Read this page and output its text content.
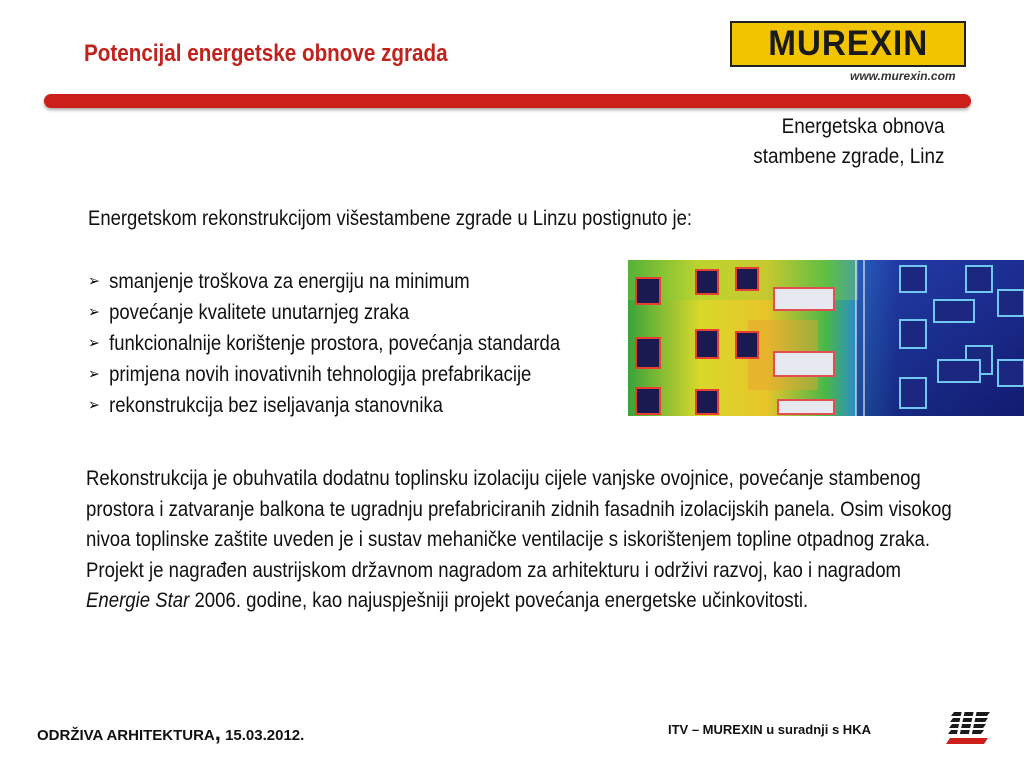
Potencijal energetske obnove zgrada	MUREXIN
www.murexin.com
Energetska obnova
stambene zgrade, Linz
Energetskom rekonstrukcijom višestambene zgrade u Linzu postignuto je:
➢ smanjenje troškova za energiju na minimum
➢ povećanje kvalitete unutarnjeg zraka
➢ funkcionalnije korištenje prostora, povećanja standarda
➢ primjena novih inovativnih tehnologija prefabrikacije
➢ rekonstrukcija bez iseljavanja stanovnika

Rekonstrukcija je obuhvatila dodatnu toplinsku izolaciju cijele vanjske ovojnice, povećanje stambenog prostora i zatvaranje balkona te ugradnju prefabriciranih zidnih fasadnih izolacijskih panela. Osim visokog nivoa toplinske zaštite uveden je i sustav mehaničke ventilacije s iskorištenjem topline otpadnog zraka. Projekt je nagrađen austrijskom državnom nagradom za arhitekturu i održivi razvoj, kao i nagradom Energie Star 2006. godine, kao najuspješniji projekt povećanja energetske učinkovitosti.

ODRŽIVA ARHITEKTURA, 15.03.2012.	ITV – MUREXIN u suradnji s HKA
